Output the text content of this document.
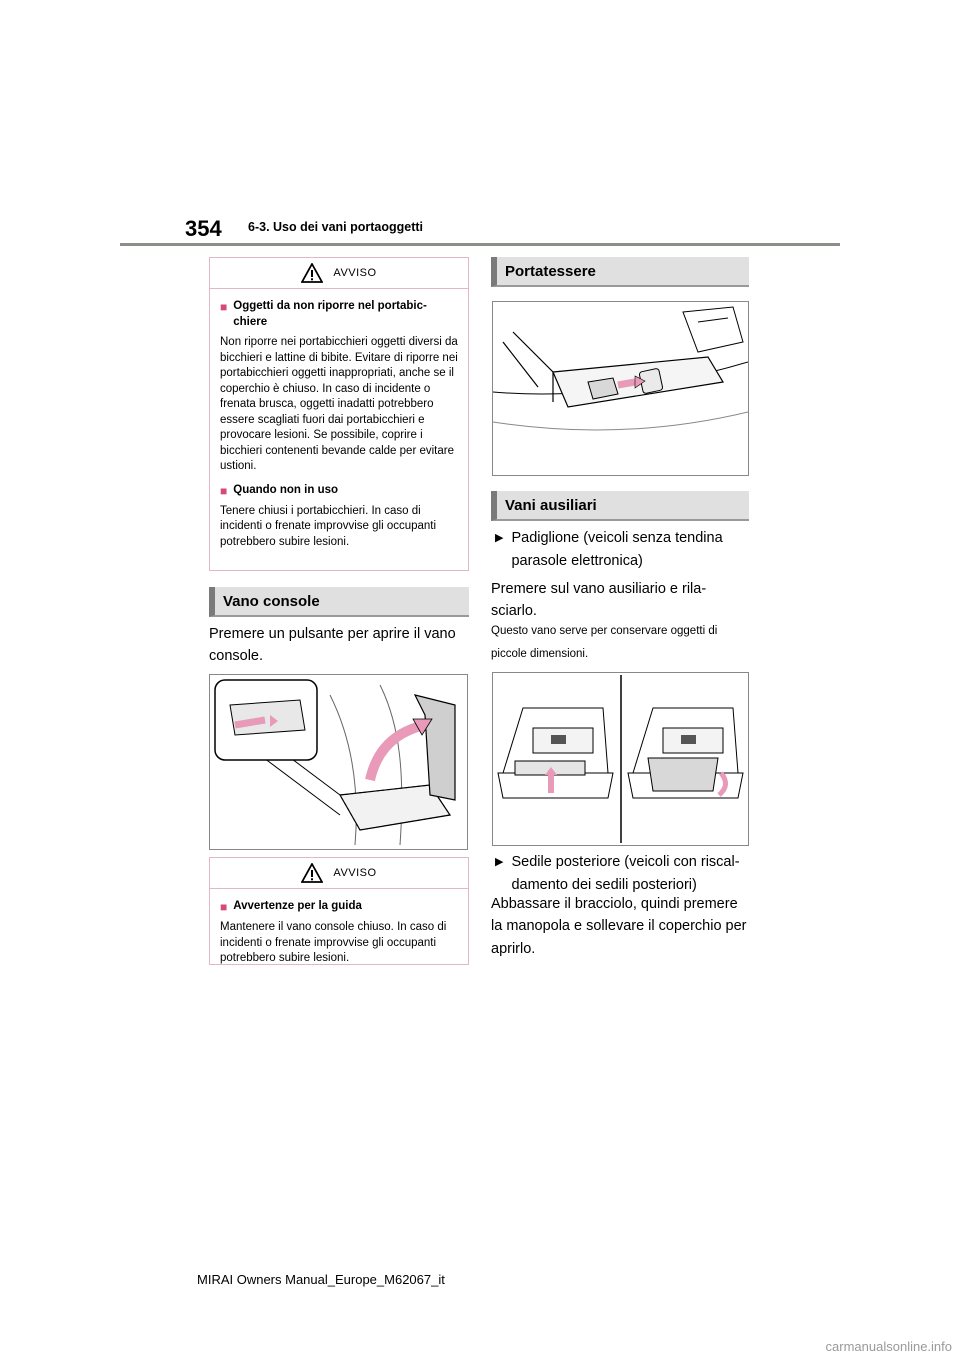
354 6-3. Uso dei vani portaoggetti
AVVISO
■ Oggetti da non riporre nel portabic-chiere

Non riporre nei portabicchieri oggetti diversi da bicchieri e lattine di bibite. Evitare di riporre nei portabicchieri oggetti inappropriati, anche se il coperchio è chiuso. In caso di incidente o frenata brusca, oggetti inadatti potrebbero essere scagliati fuori dai portabicchieri e provocare lesioni. Se possibile, coprire i bicchieri contenenti bevande calde per evitare ustioni.

■ Quando non in uso

Tenere chiusi i portabicchieri. In caso di incidenti o frenate improvvise gli occupanti potrebbero subire lesioni.

Vano console
Premere un pulsante per aprire il vano console.
AVVISO
■ Avvertenze per la guida

Mantenere il vano console chiuso. In caso di incidenti o frenate improvvise gli occupanti potrebbero subire lesioni.

Portatessere
Vani ausiliari
▶ Padiglione (veicoli senza tendina parasole elettronica)
Premere sul vano ausiliario e rila-sciarlo.
Questo vano serve per conservare oggetti di piccole dimensioni.
▶ Sedile posteriore (veicoli con riscal-damento dei sedili posteriori)
Abbassare il bracciolo, quindi premere la manopola e sollevare il coperchio per aprirlo.
MIRAI Owners Manual_Europe_M62067_it
carmanualsonline.info
